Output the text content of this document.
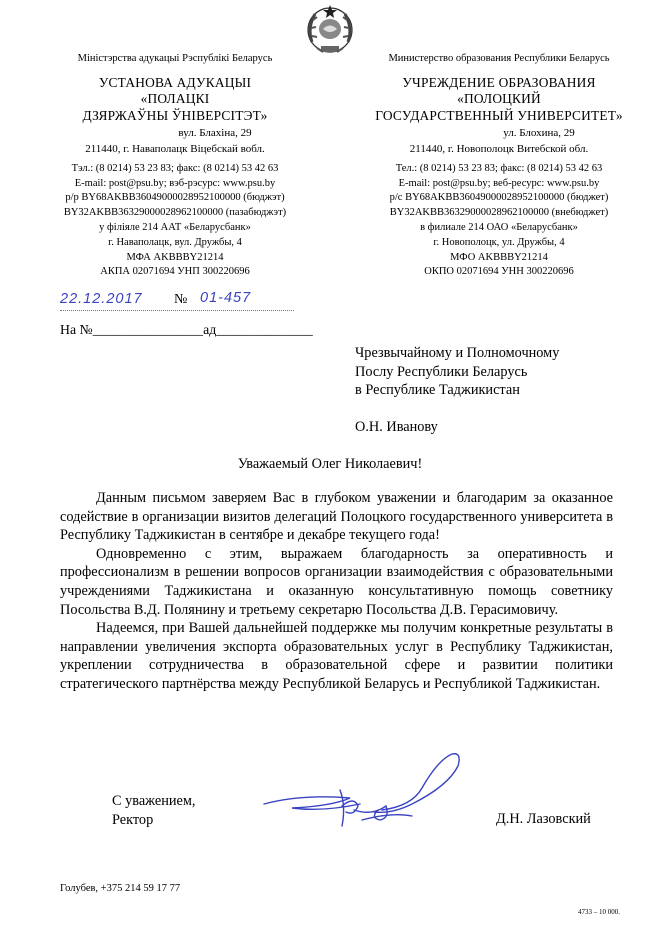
Міністэрства адукацыі Рэспублікі Беларусь
УСТАНОВА АДУКАЦЫІ
«ПОЛАЦКІ
ДЗЯРЖАЎНЫ ЎНІВЕРСІТЭТ»
вул. Блахіна, 29
211440, г. Наваполацк Віцебскай вобл.
Тэл.: (8 0214) 53 23 83; факс: (8 0214) 53 42 63
E-mail: post@psu.by; вэб-рэсурс: www.psu.by
р/р BY68AKBB36049000028952100000 (бюджэт)
BY32AKBB36329000028962100000 (пазабюджэт)
у філіяле 214 ААТ «Беларусбанк»
г. Наваполацк, вул. Дружбы, 4
МФА AKBBBY21214
АКПА 02071694 УНП 300220696
Министерство образования Республики Беларусь
УЧРЕЖДЕНИЕ ОБРАЗОВАНИЯ
«ПОЛОЦКИЙ
ГОСУДАРСТВЕННЫЙ УНИВЕРСИТЕТ»
ул. Блохина, 29
211440, г. Новополоцк Витебской обл.
Тел.: (8 0214) 53 23 83; факс: (8 0214) 53 42 63
E-mail: post@psu.by; веб-ресурс: www.psu.by
р/с BY68AKBB36049000028952100000 (бюджет)
BY32AKBB36329000028962100000 (внебюджет)
в филиале 214 ОАО «Беларусбанк»
г. Новополоцк, ул. Дружбы, 4
МФО AKBBBY21214
ОКПО 02071694 УНН 300220696
22.12.2017 № 01-457
На №________________ад______________
Чрезвычайному и Полномочному
Послу Республики Беларусь
в Республике Таджикистан
О.Н. Иванову
Уважаемый Олег Николаевич!

Данным письмом заверяем Вас в глубоком уважении и благодарим за оказанное содействие в организации визитов делегаций Полоцкого государственного университета в Республику Таджикистан в сентябре и декабре текущего года!

Одновременно с этим, выражаем благодарность за оперативность и профессионализм в решении вопросов организации взаимодействия с образовательными учреждениями Таджикистана и оказанную консультативную помощь советнику Посольства В.Д. Полянину и третьему секретарю Посольства Д.В. Герасимовичу.

Надеемся, при Вашей дальнейшей поддержке мы получим конкретные результаты в направлении увеличения экспорта образовательных услуг в Республику Таджикистан, укреплении сотрудничества в образовательной сфере и развитии политики стратегического партнёрства между Республикой Беларусь и Республикой Таджикистан.

С уважением,
Ректор	Д.Н. Лазовский
Голубев, +375 214 59 17 77
4733 – 10 000.
